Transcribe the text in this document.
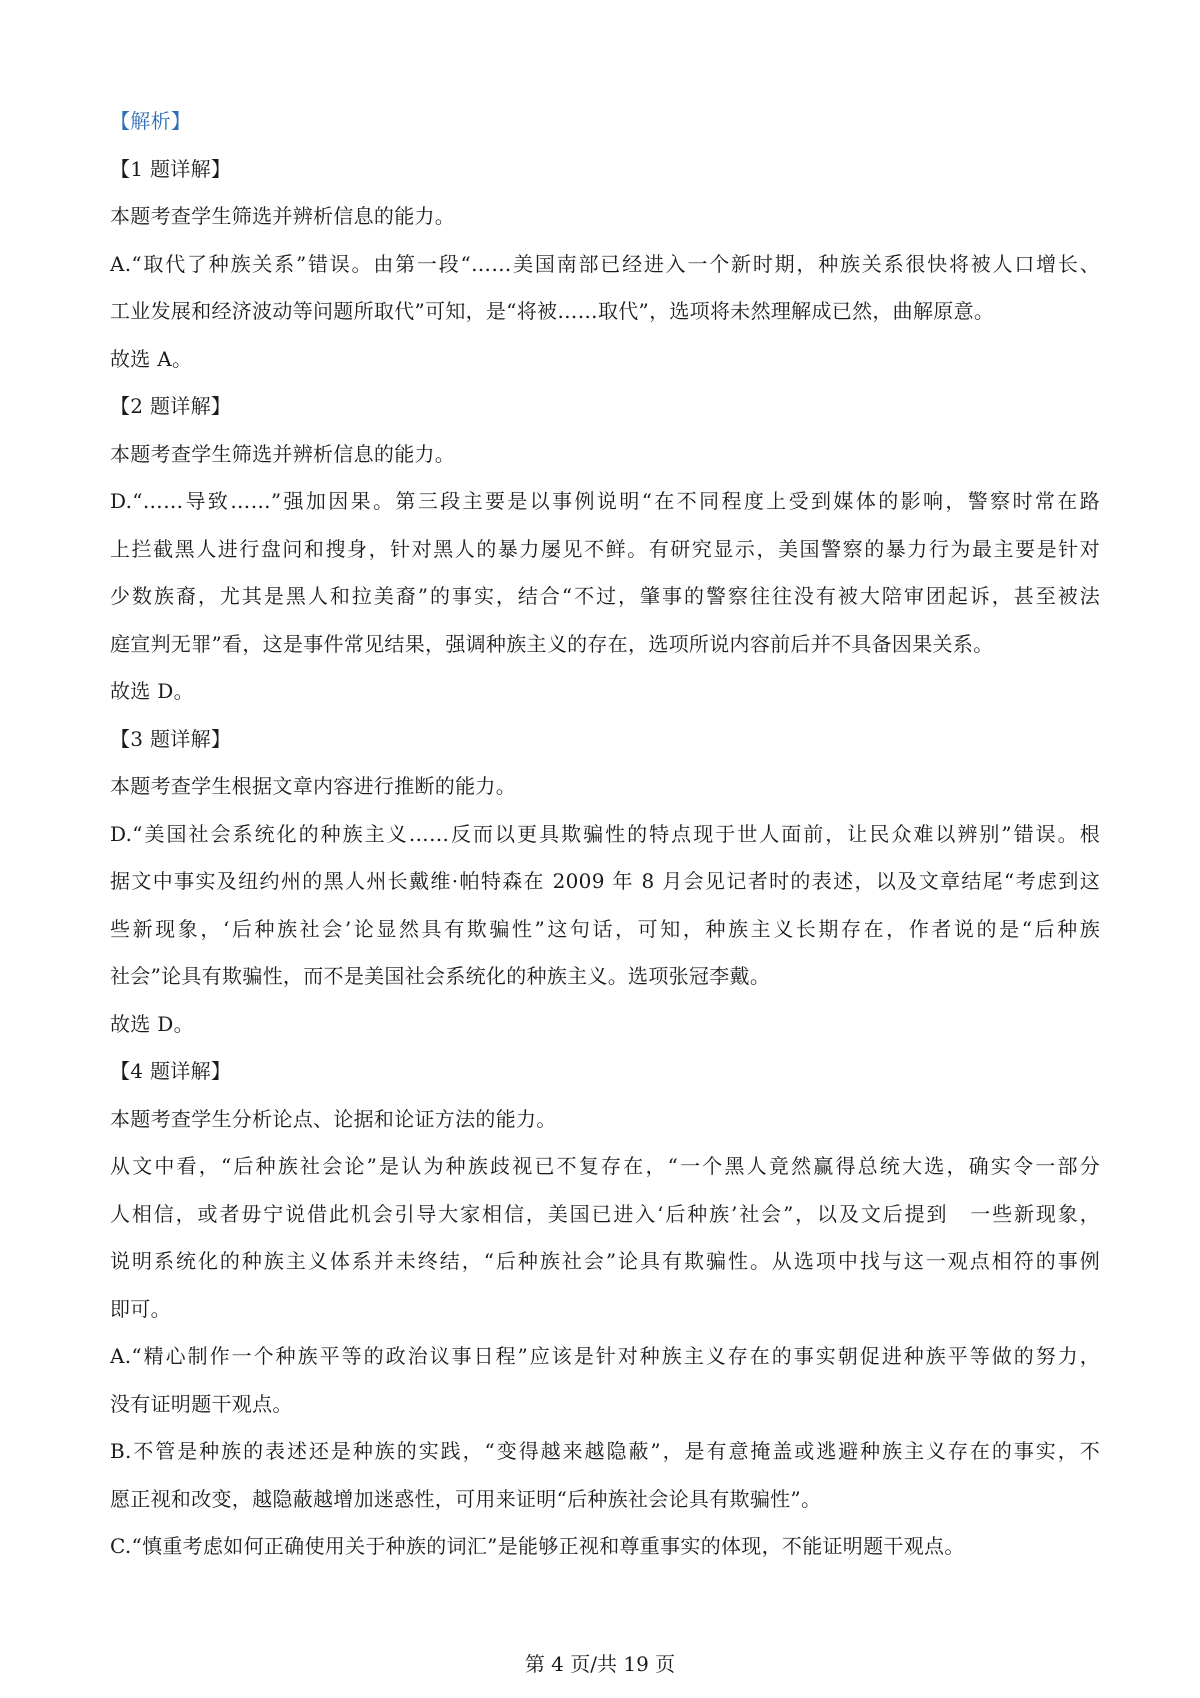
【解析】
【1 题详解】
本题考查学生筛选并辨析信息的能力。
A.“取代了种族关系”错误。由第一段“……美国南部已经进入一个新时期，种族关系很快将被人口增长、
工业发展和经济波动等问题所取代”可知，是“将被……取代”，选项将未然理解成已然，曲解原意。
故选 A。
【2 题详解】
本题考查学生筛选并辨析信息的能力。
D.“……导致……”强加因果。第三段主要是以事例说明“在不同程度上受到媒体的影响，警察时常在路
上拦截黑人进行盘问和搜身，针对黑人的暴力屡见不鲜。有研究显示，美国警察的暴力行为最主要是针对
少数族裔，尤其是黑人和拉美裔”的事实，结合“不过，肇事的警察往往没有被大陪审团起诉，甚至被法
庭宣判无罪”看，这是事件常见结果，强调种族主义的存在，选项所说内容前后并不具备因果关系。
故选 D。
【3 题详解】
本题考查学生根据文章内容进行推断的能力。
D.“美国社会系统化的种族主义……反而以更具欺骗性的特点现于世人面前，让民众难以辨别”错误。根
据文中事实及纽约州的黑人州长戴维·帕特森在 2009 年 8 月会见记者时的表述，以及文章结尾“考虑到这
些新现象，‘后种族社会’论显然具有欺骗性”这句话，可知，种族主义长期存在，作者说的是“后种族
社会”论具有欺骗性，而不是美国社会系统化的种族主义。选项张冠李戴。
故选 D。
【4 题详解】
本题考查学生分析论点、论据和论证方法的能力。
从文中看，“后种族社会论”是认为种族歧视已不复存在，“一个黑人竟然赢得总统大选，确实令一部分
人相信，或者毋宁说借此机会引导大家相信，美国已进入‘后种族’社会”，以及文后提到　一些新现象，
说明系统化的种族主义体系并未终结，“后种族社会”论具有欺骗性。从选项中找与这一观点相符的事例
即可。
A.“精心制作一个种族平等的政治议事日程”应该是针对种族主义存在的事实朝促进种族平等做的努力，
没有证明题干观点。
B.不管是种族的表述还是种族的实践，“变得越来越隐蔽”，是有意掩盖或逃避种族主义存在的事实，不
愿正视和改变，越隐蔽越增加迷惑性，可用来证明“后种族社会论具有欺骗性”。
C.“慎重考虑如何正确使用关于种族的词汇”是能够正视和尊重事实的体现，不能证明题干观点。
第 4 页/共 19 页
